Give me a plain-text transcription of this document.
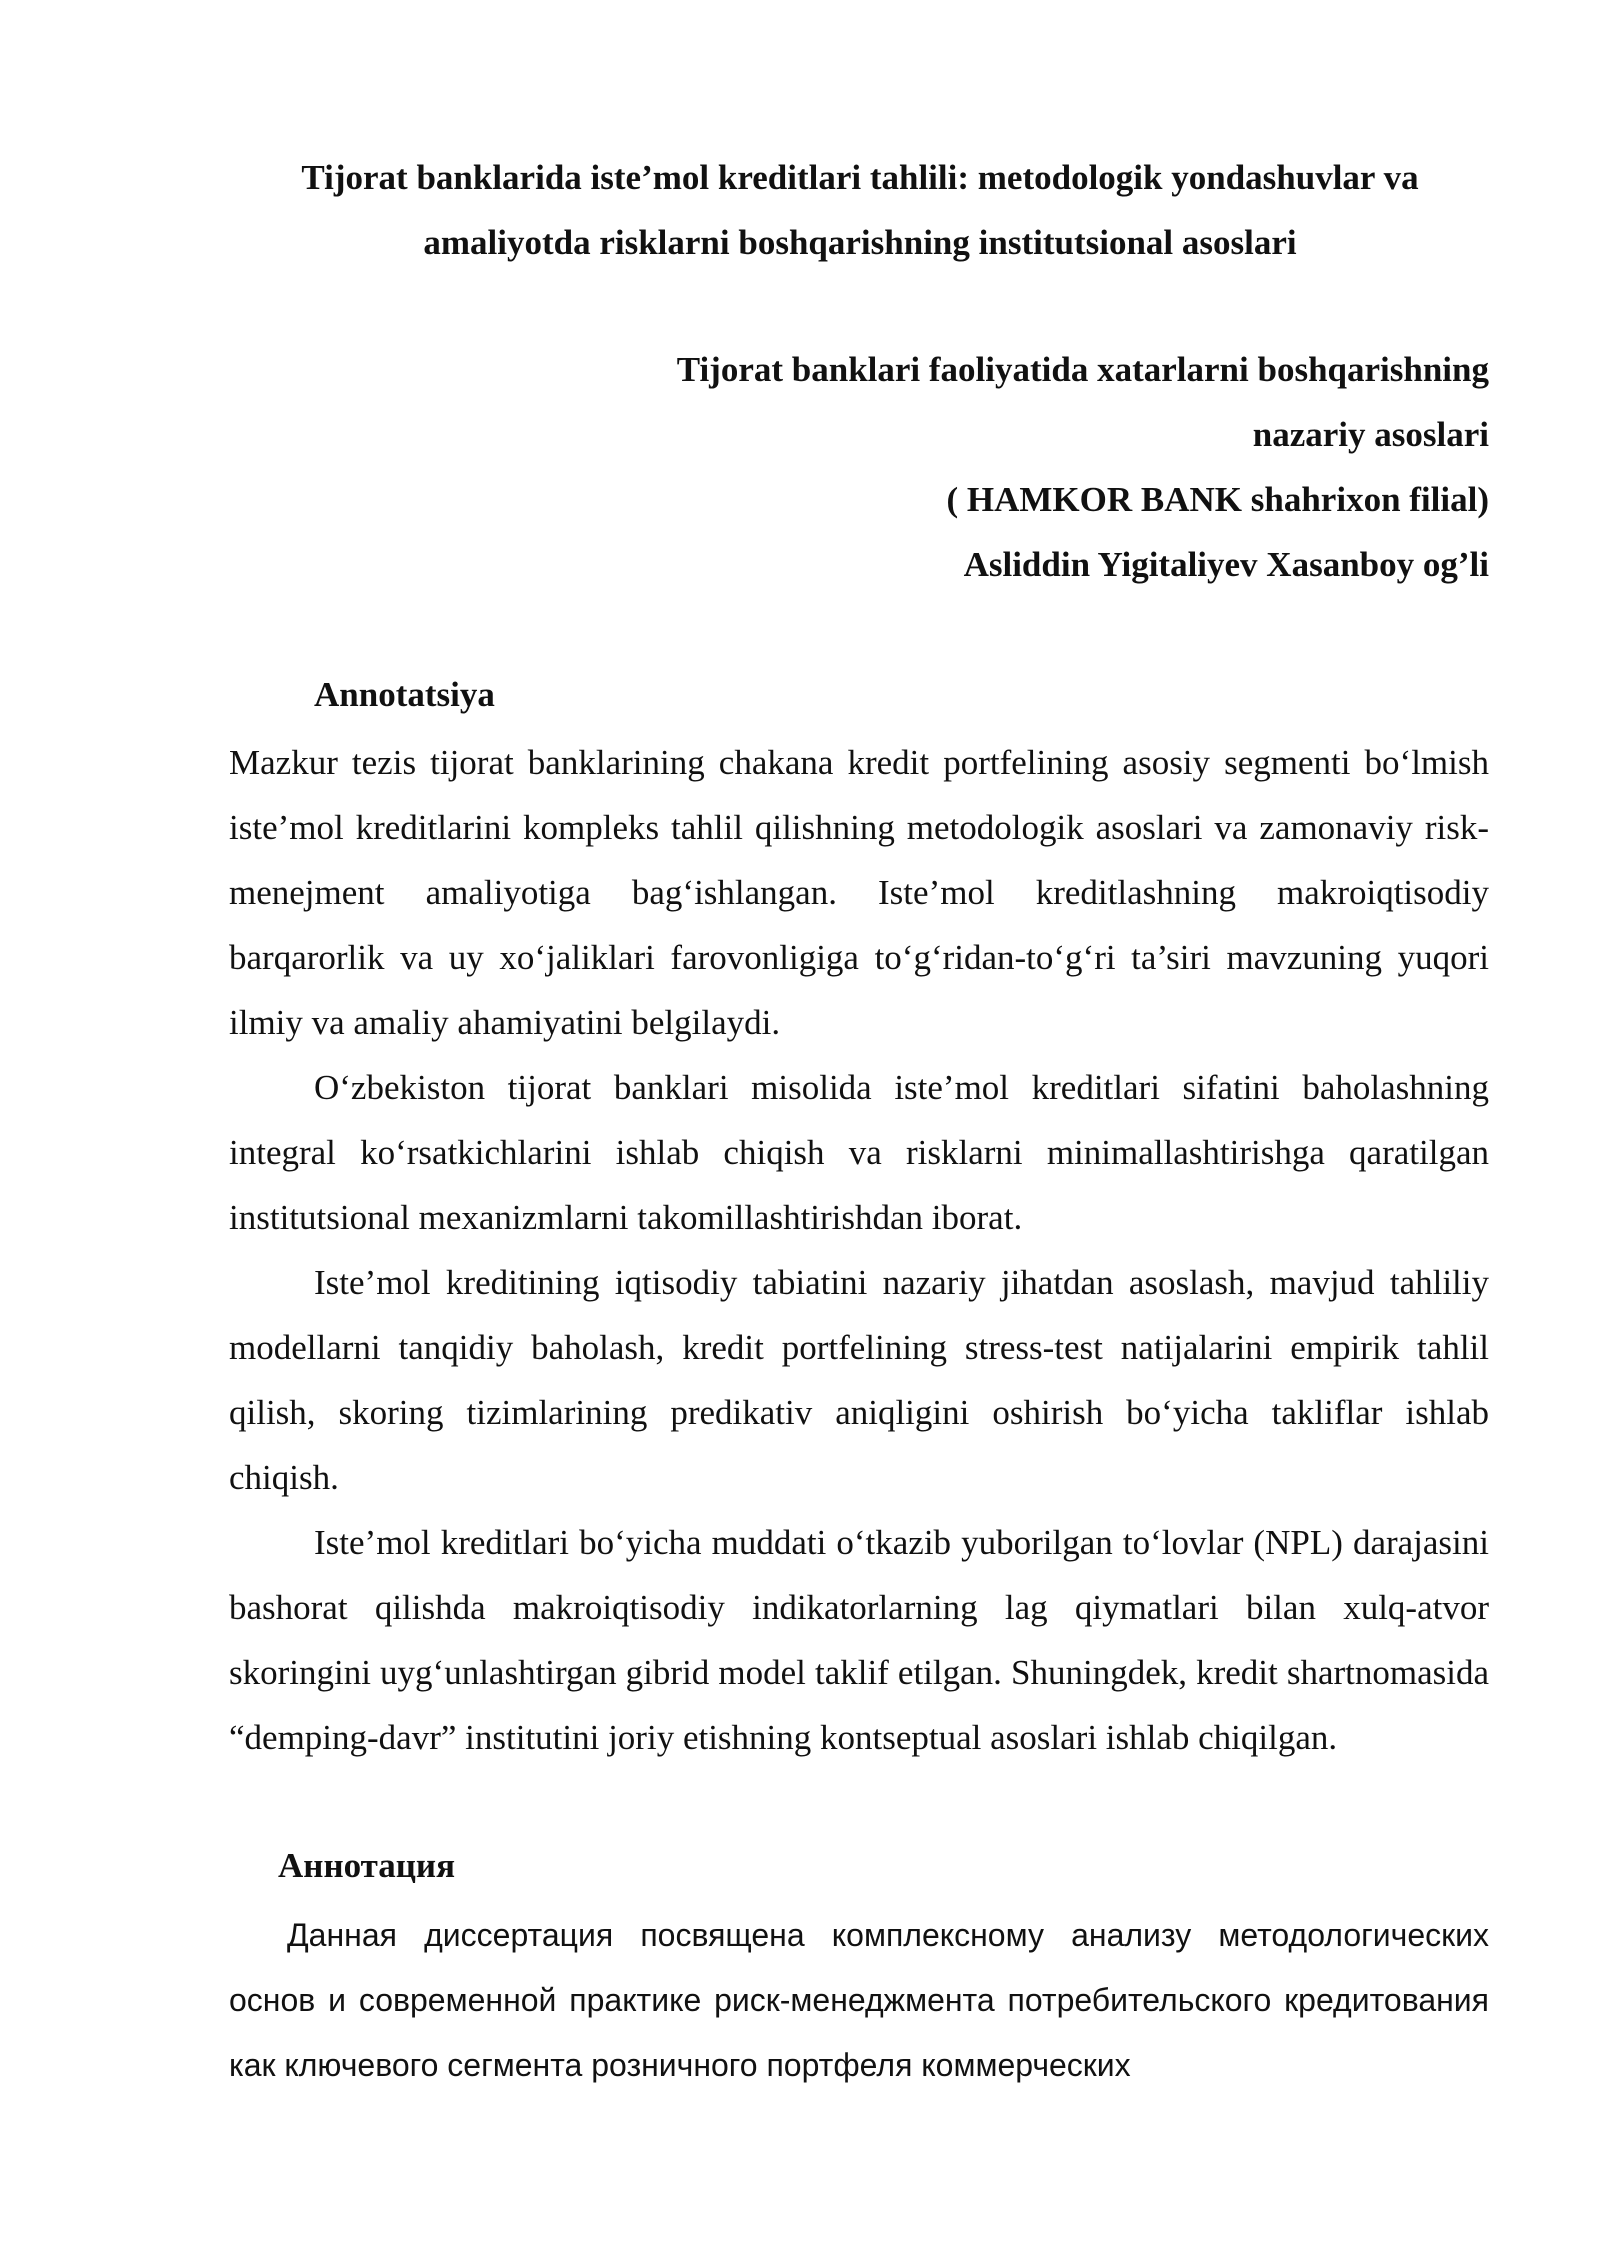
Tijorat banklarida iste’mol kreditlari tahlili: metodologik yondashuvlar va
amaliyotda risklarni boshqarishning institutsional asoslari
Tijorat banklari faoliyatida xatarlarni boshqarishning
nazariy asoslari
( HAMKOR BANK shahrixon filial)
Asliddin Yigitaliyev Xasanboy og’li
Annotatsiya

Mazkur tezis tijorat banklarining chakana kredit portfelining asosiy segmenti bo‘lmish iste’mol kreditlarini kompleks tahlil qilishning metodologik asoslari va zamonaviy risk-menejment amaliyotiga bag‘ishlangan. Iste’mol kreditlashning makroiqtisodiy barqarorlik va uy xo‘jaliklari farovonligiga to‘g‘ridan-to‘g‘ri ta’siri mavzuning yuqori ilmiy va amaliy ahamiyatini belgilaydi.

O‘zbekiston tijorat banklari misolida iste’mol kreditlari sifatini baholashning integral ko‘rsatkichlarini ishlab chiqish va risklarni minimallashtirishga qaratilgan institutsional mexanizmlarni takomillashtirishdan iborat.

Iste’mol kreditining iqtisodiy tabiatini nazariy jihatdan asoslash, mavjud tahliliy modellarni tanqidiy baholash, kredit portfelining stress-test natijalarini empirik tahlil qilish, skoring tizimlarining predikativ aniqligini oshirish bo‘yicha takliflar ishlab chiqish.

Iste’mol kreditlari bo‘yicha muddati o‘tkazib yuborilgan to‘lovlar (NPL) darajasini bashorat qilishda makroiqtisodiy indikatorlarning lag qiymatlari bilan xulq-atvor skoringini uyg‘unlashtirgan gibrid model taklif etilgan. Shuningdek, kredit shartnomasida “demping-davr” institutini joriy etishning kontseptual asoslari ishlab chiqilgan.

Аннотация

Данная диссертация посвящена комплексному анализу методологических основ и современной практике риск-менеджмента потребительского кредитования как ключевого сегмента розничного портфеля коммерческих
